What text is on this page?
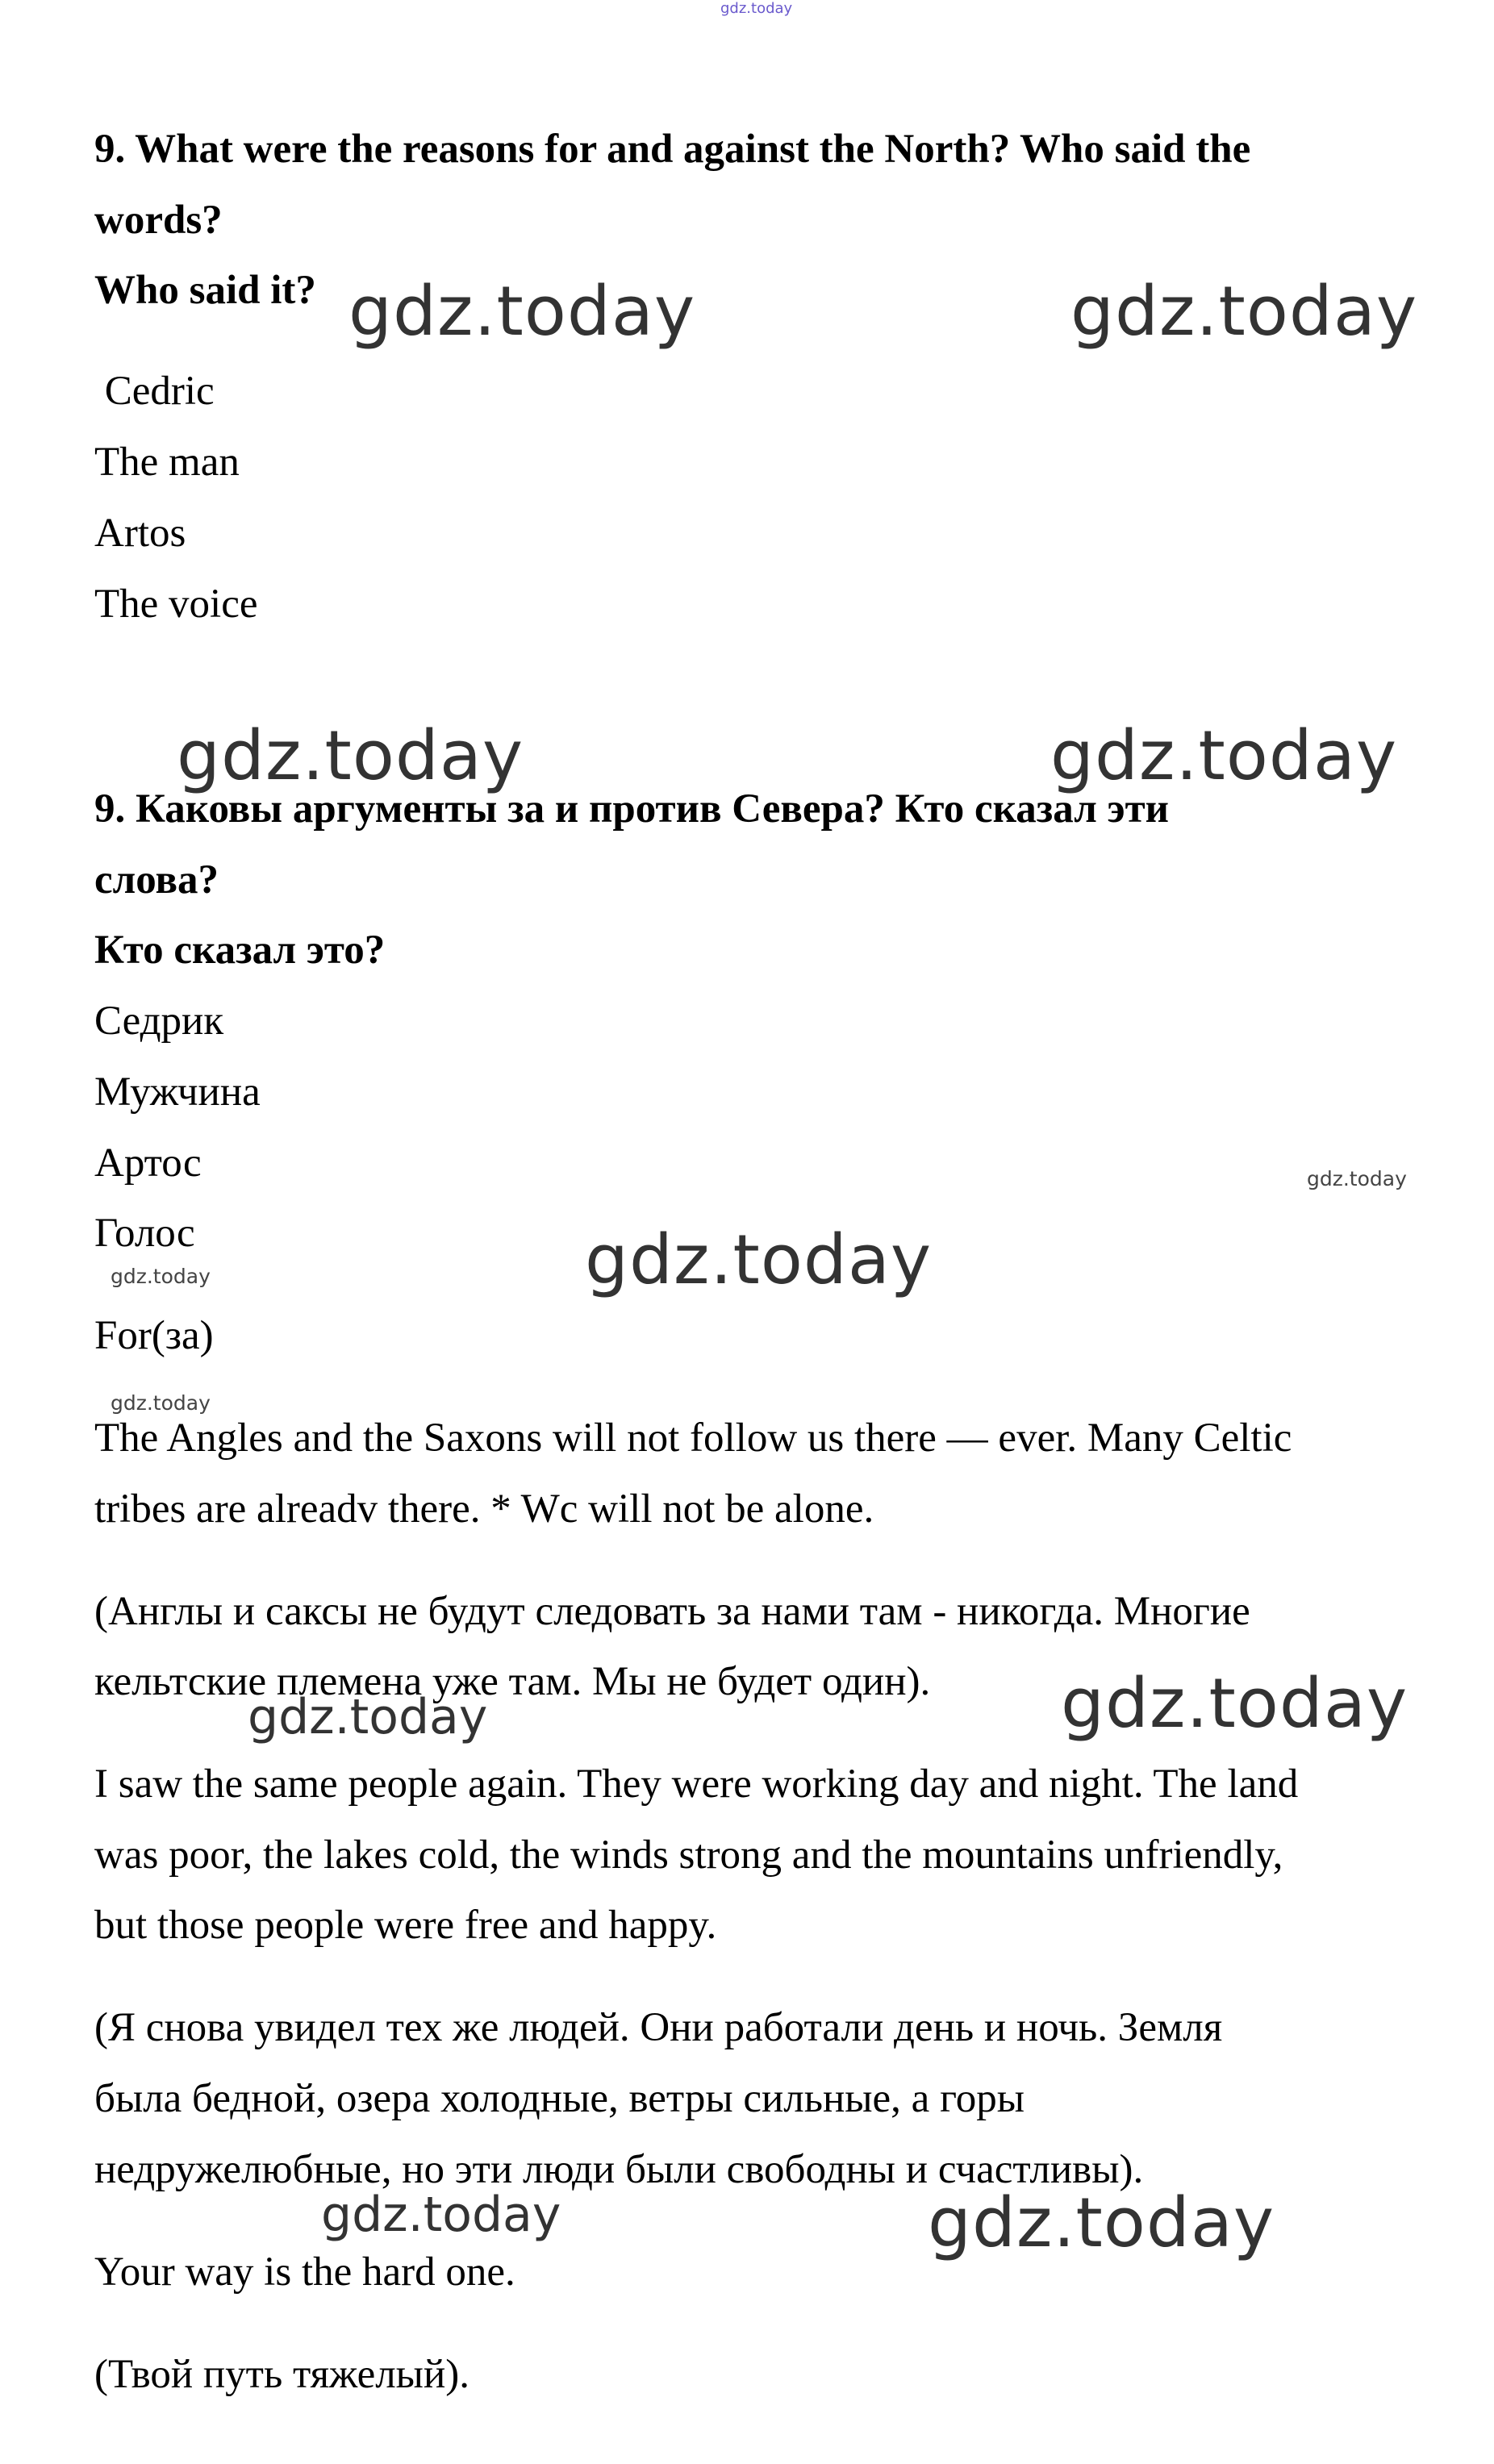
gdz.today
9. What were the reasons for and against the North? Who said the
words?
Who said it?
Cedric
The man
Artos
The voice
9. Каковы аргументы за и против Севера? Кто сказал эти
слова?
Кто сказал это?
Седрик
Мужчина
Артос
Голос
For(за)
The Angles and the Saxons will not follow us there — ever. Many Celtic
tribes are alreadv there. * Wc will not be alone.
(Англы и саксы не будут следовать за нами там - никогда. Многие
кельтские племена уже там. Мы не будет один).
I saw the same people again. They were working day and night. The land
was poor, the lakes cold, the winds strong and the mountains unfriendly,
but those people were free and happy.
(Я снова увидел тех же людей. Они работали день и ночь. Земля
была бедной, озера холодные, ветры сильные, а горы
недружелюбные, но эти люди были свободны и счастливы).
Your way is the hard one.
(Твой путь тяжелый).
gdz.today	gdz.today
gdz.today	gdz.today
gdz.today
gdz.today
gdz.today
gdz.today
gdz.today
gdz.today
gdz.today	gdz.today
